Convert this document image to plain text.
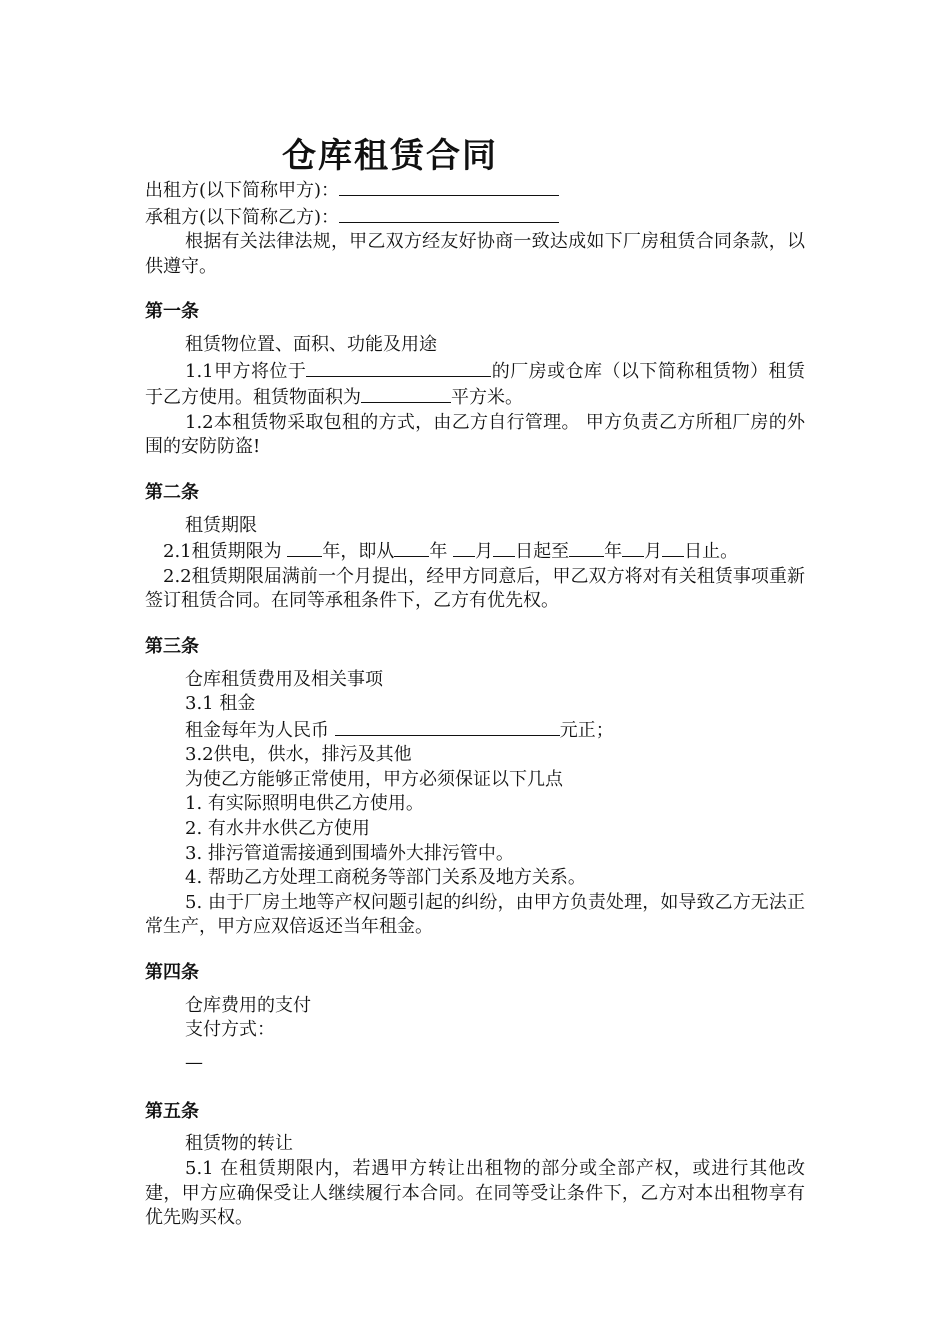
仓库租赁合同

出租方(以下简称甲方)：

承租方(以下简称乙方)：

根据有关法律法规，甲乙双方经友好协商一致达成如下厂房租赁合同条款，以供遵守。

第一条

租赁物位置、面积、功能及用途

1.1甲方将位于	的厂房或仓库（以下简称租赁物）租赁于乙方使用。租赁物面积为	平方米。

1.2本租赁物采取包租的方式，由乙方自行管理。 甲方负责乙方所租厂房的外围的安防防盗!

第二条

租赁期限

2.1租赁期限为 年，即从 年 月 日起至 年 月 日止。

2.2租赁期限届满前一个月提出，经甲方同意后，甲乙双方将对有关租赁事项重新签订租赁合同。在同等承租条件下，乙方有优先权。

第三条

仓库租赁费用及相关事项

3.1 租金

租金每年为人民币	元正；

3.2供电，供水，排污及其他

为使乙方能够正常使用，甲方必须保证以下几点

1. 有实际照明电供乙方使用。

2. 有水井水供乙方使用

3. 排污管道需接通到围墙外大排污管中。

4. 帮助乙方处理工商税务等部门关系及地方关系。

5. 由于厂房土地等产权问题引起的纠纷，由甲方负责处理，如导致乙方无法正常生产，甲方应双倍返还当年租金。

第四条

仓库费用的支付

支付方式：

—

第五条

租赁物的转让

5.1 在租赁期限内，若遇甲方转让出租物的部分或全部产权，或进行其他改建，甲方应确保受让人继续履行本合同。在同等受让条件下，乙方对本出租物享有优先购买权。
